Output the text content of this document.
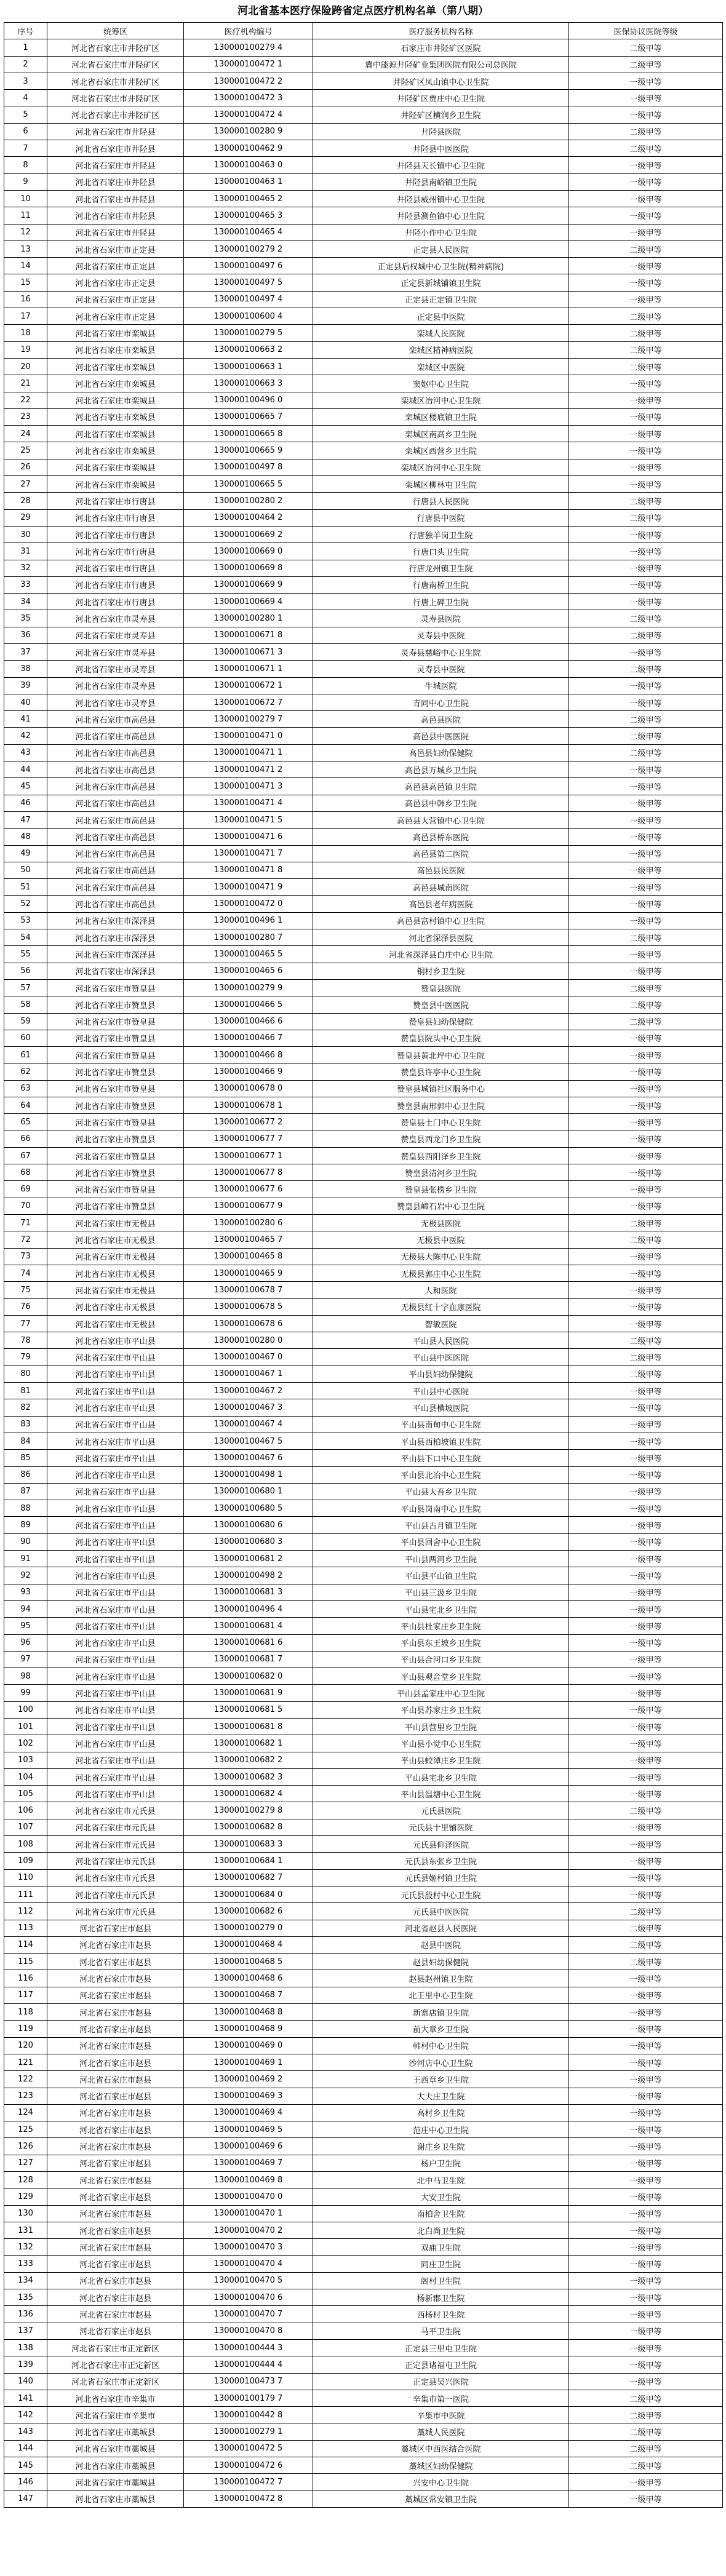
河北省基本医疗保险跨省定点医疗机构名单（第八期）
序号	统筹区	医疗机构编号	医疗服务机构名称	医保协议医院等级
1	河北省石家庄市井陉矿区	130000100279 4	石家庄市井陉矿区医院	二级甲等
2	河北省石家庄市井陉矿区	130000100472 1	冀中能源井陉矿业集团医院有限公司总医院	二级甲等
3	河北省石家庄市井陉矿区	130000100472 2	井陉矿区凤山镇中心卫生院	一级甲等
4	河北省石家庄市井陉矿区	130000100472 3	井陉矿区贾庄中心卫生院	一级甲等
5	河北省石家庄市井陉矿区	130000100472 4	井陉矿区横涧乡卫生院	一级甲等
6	河北省石家庄市井陉县	130000100280 9	井陉县医院	二级甲等
7	河北省石家庄市井陉县	130000100462 9	井陉县中医医院	二级甲等
8	河北省石家庄市井陉县	130000100463 0	井陉县天长镇中心卫生院	一级甲等
9	河北省石家庄市井陉县	130000100463 1	井陉县南峪镇卫生院	一级甲等
10	河北省石家庄市井陉县	130000100465 2	井陉县威州镇中心卫生院	一级甲等
11	河北省石家庄市井陉县	130000100465 3	井陉县测鱼镇中心卫生院	一级甲等
12	河北省石家庄市井陉县	130000100465 4	井陉小作中心卫生院	一级甲等
13	河北省石家庄市正定县	130000100279 2	正定县人民医院	二级甲等
14	河北省石家庄市正定县	130000100497 6	正定县后权城中心卫生院(精神病院)	一级甲等
15	河北省石家庄市正定县	130000100497 5	正定县新城铺镇卫生院	一级甲等
16	河北省石家庄市正定县	130000100497 4	正定县正定镇卫生院	一级甲等
17	河北省石家庄市正定县	130000100600 4	正定县中医院	二级甲等
18	河北省石家庄市栾城县	130000100279 5	栾城人民医院	二级甲等
19	河北省石家庄市栾城县	130000100663 2	栾城区精神病医院	二级甲等
20	河北省石家庄市栾城县	130000100663 1	栾城区中医院	二级甲等
21	河北省石家庄市栾城县	130000100663 3	窦妪中心卫生院	一级甲等
22	河北省石家庄市栾城县	130000100496 0	栾城区冶河中心卫生院	一级甲等
23	河北省石家庄市栾城县	130000100665 7	栾城区楼底镇卫生院	一级甲等
24	河北省石家庄市栾城县	130000100665 8	栾城区南高乡卫生院	一级甲等
25	河北省石家庄市栾城县	130000100665 9	栾城区西营乡卫生院	一级甲等
26	河北省石家庄市栾城县	130000100497 8	栾城区冶河中心卫生院	一级甲等
27	河北省石家庄市栾城县	130000100665 5	栾城区柳林屯卫生院	一级甲等
28	河北省石家庄市行唐县	130000100280 2	行唐县人民医院	二级甲等
29	河北省石家庄市行唐县	130000100464 2	行唐县中医院	二级甲等
30	河北省石家庄市行唐县	130000100669 2	行唐独羊岗卫生院	一级甲等
31	河北省石家庄市行唐县	130000100669 0	行唐口头卫生院	一级甲等
32	河北省石家庄市行唐县	130000100669 8	行唐龙州镇卫生院	一级甲等
33	河北省石家庄市行唐县	130000100669 9	行唐南桥卫生院	一级甲等
34	河北省石家庄市行唐县	130000100669 4	行唐上碑卫生院	一级甲等
35	河北省石家庄市灵寿县	130000100280 1	灵寿县医院	二级甲等
36	河北省石家庄市灵寿县	130000100671 8	灵寿县中医院	二级甲等
37	河北省石家庄市灵寿县	130000100671 3	灵寿县慈峪中心卫生院	一级甲等
38	河北省石家庄市灵寿县	130000100671 1	灵寿县中医院	二级甲等
39	河北省石家庄市灵寿县	130000100672 1	牛城医院	一级甲等
40	河北省石家庄市灵寿县	130000100672 7	青同中心卫生院	一级甲等
41	河北省石家庄市高邑县	130000100279 7	高邑县医院	二级甲等
42	河北省石家庄市高邑县	130000100471 0	高邑县中医医院	二级甲等
43	河北省石家庄市高邑县	130000100471 1	高邑县妇幼保健院	二级甲等
44	河北省石家庄市高邑县	130000100471 2	高邑县万城乡卫生院	一级甲等
45	河北省石家庄市高邑县	130000100471 3	高邑县高邑镇卫生院	一级甲等
46	河北省石家庄市高邑县	130000100471 4	高邑县中韩乡卫生院	一级甲等
47	河北省石家庄市高邑县	130000100471 5	高邑县大营镇中心卫生院	一级甲等
48	河北省石家庄市高邑县	130000100471 6	高邑县桥东医院	一级甲等
49	河北省石家庄市高邑县	130000100471 7	高邑县第二医院	一级甲等
50	河北省石家庄市高邑县	130000100471 8	高邑县民医院	一级甲等
51	河北省石家庄市高邑县	130000100471 9	高邑县城南医院	一级甲等
52	河北省石家庄市高邑县	130000100472 0	高邑县老年病医院	一级甲等
53	河北省石家庄市深泽县	130000100496 1	高邑县富村镇中心卫生院	一级甲等
54	河北省石家庄市深泽县	130000100280 7	河北省深泽县医院	二级甲等
55	河北省石家庄市深泽县	130000100465 5	河北省深泽县白庄中心卫生院	一级甲等
56	河北省石家庄市深泽县	130000100465 6	铜村乡卫生院	一级甲等
57	河北省石家庄市赞皇县	130000100279 9	赞皇县医院	二级甲等
58	河北省石家庄市赞皇县	130000100466 5	赞皇县中医医院	二级甲等
59	河北省石家庄市赞皇县	130000100466 6	赞皇县妇幼保健院	二级甲等
60	河北省石家庄市赞皇县	130000100466 7	赞皇县院头中心卫生院	一级甲等
61	河北省石家庄市赞皇县	130000100466 8	赞皇县黄北坪中心卫生院	一级甲等
62	河北省石家庄市赞皇县	130000100466 9	赞皇县许亭中心卫生院	一级甲等
63	河北省石家庄市赞皇县	130000100678 0	赞皇县城镇社区服务中心	一级甲等
64	河北省石家庄市赞皇县	130000100678 1	赞皇县南邢郭中心卫生院	一级甲等
65	河北省石家庄市赞皇县	130000100677 2	赞皇县土门中心卫生院	一级甲等
66	河北省石家庄市赞皇县	130000100677 7	赞皇县西龙门乡卫生院	一级甲等
67	河北省石家庄市赞皇县	130000100677 1	赞皇县西阳泽乡卫生院	一级甲等
68	河北省石家庄市赞皇县	130000100677 8	赞皇县清河乡卫生院	一级甲等
69	河北省石家庄市赞皇县	130000100677 6	赞皇县张楞乡卫生院	一级甲等
70	河北省石家庄市赞皇县	130000100677 9	赞皇县嶂石岩中心卫生院	一级甲等
71	河北省石家庄市无极县	130000100280 6	无极县医院	二级甲等
72	河北省石家庄市无极县	130000100465 7	无极县中医院	二级甲等
73	河北省石家庄市无极县	130000100465 8	无极县大陈中心卫生院	一级甲等
74	河北省石家庄市无极县	130000100465 9	无极县郭庄中心卫生院	一级甲等
75	河北省石家庄市无极县	130000100678 7	人和医院	一级甲等
76	河北省石家庄市无极县	130000100678 5	无极县红十字血康医院	一级甲等
77	河北省石家庄市无极县	130000100678 6	智敏医院	一级甲等
78	河北省石家庄市平山县	130000100280 0	平山县人民医院	二级甲等
79	河北省石家庄市平山县	130000100467 0	平山县中医医院	二级甲等
80	河北省石家庄市平山县	130000100467 1	平山县妇幼保健院	二级甲等
81	河北省石家庄市平山县	130000100467 2	平山县中心医院	一级甲等
82	河北省石家庄市平山县	130000100467 3	平山县横坡医院	一级甲等
83	河北省石家庄市平山县	130000100467 4	平山县南甸中心卫生院	一级甲等
84	河北省石家庄市平山县	130000100467 5	平山县西柏坡镇卫生院	一级甲等
85	河北省石家庄市平山县	130000100467 6	平山县下口中心卫生院	一级甲等
86	河北省石家庄市平山县	130000100498 1	平山县北冶中心卫生院	一级甲等
87	河北省石家庄市平山县	130000100680 1	平山县大吾乡卫生院	一级甲等
88	河北省石家庄市平山县	130000100680 5	平山县岗南中心卫生院	一级甲等
89	河北省石家庄市平山县	130000100680 6	平山县古月镇卫生院	一级甲等
90	河北省石家庄市平山县	130000100680 3	平山县回舍中心卫生院	一级甲等
91	河北省石家庄市平山县	130000100681 2	平山县两河乡卫生院	一级甲等
92	河北省石家庄市平山县	130000100498 2	平山县平山镇卫生院	一级甲等
93	河北省石家庄市平山县	130000100681 3	平山县三汲乡卫生院	一级甲等
94	河北省石家庄市平山县	130000100496 4	平山县宅北乡卫生院	一级甲等
95	河北省石家庄市平山县	130000100681 4	平山县杜家庄乡卫生院	一级甲等
96	河北省石家庄市平山县	130000100681 6	平山县东王坡乡卫生院	一级甲等
97	河北省石家庄市平山县	130000100681 7	平山县合河口乡卫生院	一级甲等
98	河北省石家庄市平山县	130000100682 0	平山县观音堂乡卫生院	一级甲等
99	河北省石家庄市平山县	130000100681 9	平山县孟家庄中心卫生院	一级甲等
100	河北省石家庄市平山县	130000100681 5	平山县苏家庄乡卫生院	一级甲等
101	河北省石家庄市平山县	130000100681 8	平山县营里乡卫生院	一级甲等
102	河北省石家庄市平山县	130000100682 1	平山县小觉中心卫生院	一级甲等
103	河北省石家庄市平山县	130000100682 2	平山县蛟潭庄乡卫生院	一级甲等
104	河北省石家庄市平山县	130000100682 3	平山县宅北乡卫生院	一级甲等
105	河北省石家庄市平山县	130000100682 4	平山县温塘中心卫生院	一级甲等
106	河北省石家庄市元氏县	130000100279 8	元氏县医院	二级甲等
107	河北省石家庄市元氏县	130000100682 8	元氏县十里铺医院	一级甲等
108	河北省石家庄市元氏县	130000100683 3	元氏县仰泽医院	一级甲等
109	河北省石家庄市元氏县	130000100684 1	元氏县东张乡卫生院	一级甲等
110	河北省石家庄市元氏县	130000100682 7	元氏县姬村镇卫生院	一级甲等
111	河北省石家庄市元氏县	130000100684 0	元氏县殷村中心卫生院	一级甲等
112	河北省石家庄市元氏县	130000100682 6	元氏县中医医院	二级甲等
113	河北省石家庄市赵县	130000100279 0	河北省赵县人民医院	二级甲等
114	河北省石家庄市赵县	130000100468 4	赵县中医院	二级甲等
115	河北省石家庄市赵县	130000100468 5	赵县妇幼保健院	二级甲等
116	河北省石家庄市赵县	130000100468 6	赵县赵州镇卫生院	一级甲等
117	河北省石家庄市赵县	130000100468 7	北王里中心卫生院	一级甲等
118	河北省石家庄市赵县	130000100468 8	新寨店镇卫生院	一级甲等
119	河北省石家庄市赵县	130000100468 9	前大章乡卫生院	一级甲等
120	河北省石家庄市赵县	130000100469 0	韩村中心卫生院	一级甲等
121	河北省石家庄市赵县	130000100469 1	沙河店中心卫生院	一级甲等
122	河北省石家庄市赵县	130000100469 2	王西章乡卫生院	一级甲等
123	河北省石家庄市赵县	130000100469 3	大夫庄卫生院	一级甲等
124	河北省石家庄市赵县	130000100469 4	高村乡卫生院	一级甲等
125	河北省石家庄市赵县	130000100469 5	范庄中心卫生院	一级甲等
126	河北省石家庄市赵县	130000100469 6	谢庄乡卫生院	一级甲等
127	河北省石家庄市赵县	130000100469 7	杨户卫生院	一级甲等
128	河北省石家庄市赵县	130000100469 8	北中马卫生院	一级甲等
129	河北省石家庄市赵县	130000100470 0	大安卫生院	一级甲等
130	河北省石家庄市赵县	130000100470 1	南柏舍卫生院	一级甲等
131	河北省石家庄市赵县	130000100470 2	北白尚卫生院	一级甲等
132	河北省石家庄市赵县	130000100470 3	双庙卫生院	一级甲等
133	河北省石家庄市赵县	130000100470 4	同庄卫生院	一级甲等
134	河北省石家庄市赵县	130000100470 5	阁村卫生院	一级甲等
135	河北省石家庄市赵县	130000100470 6	杨新郡卫生院	一级甲等
136	河北省石家庄市赵县	130000100470 7	西杨村卫生院	一级甲等
137	河北省石家庄市赵县	130000100470 8	马平卫生院	一级甲等
138	河北省石家庄市正定新区	130000100444 3	正定县三里屯卫生院	一级甲等
139	河北省石家庄市正定新区	130000100444 4	正定县诸福屯卫生院	一级甲等
140	河北省石家庄市正定新区	130000100473 7	正定县吴兴医院	一级甲等
141	河北省石家庄市辛集市	130000100179 7	辛集市第一医院	二级甲等
142	河北省石家庄市辛集市	130000100442 8	辛集市中医院	二级甲等
143	河北省石家庄市藁城县	130000100279 1	藁城人民医院	二级甲等
144	河北省石家庄市藁城县	130000100472 5	藁城区中西医结合医院	二级甲等
145	河北省石家庄市藁城县	130000100472 6	藁城区妇幼保健院	二级甲等
146	河北省石家庄市藁城县	130000100472 7	兴安中心卫生院	一级甲等
147	河北省石家庄市藁城县	130000100472 8	藁城区常安镇卫生院	一级甲等
